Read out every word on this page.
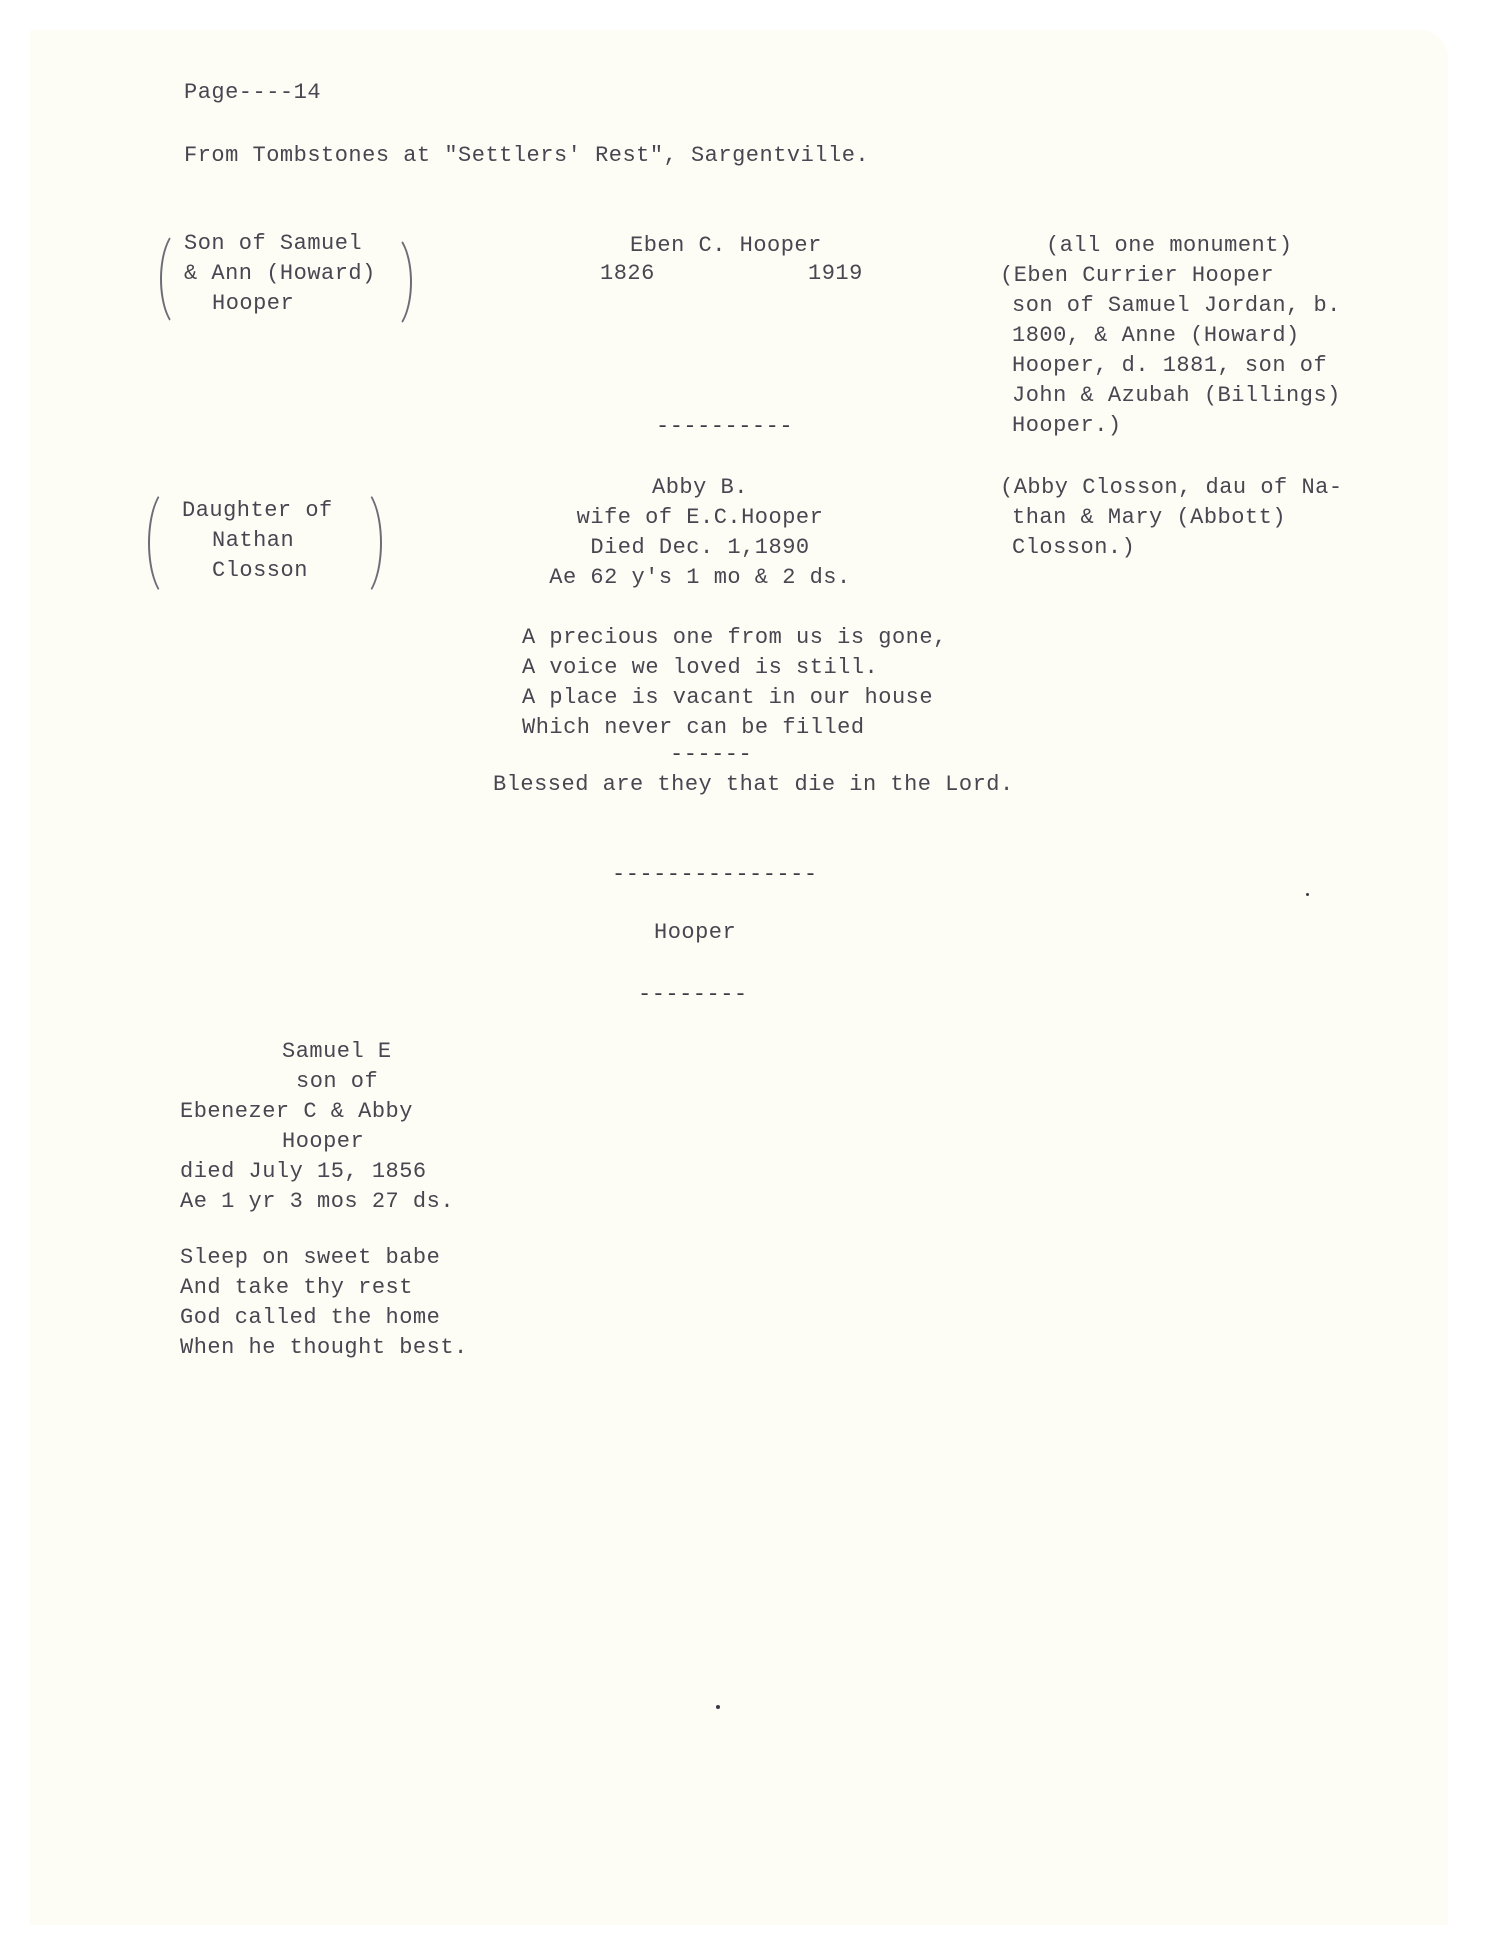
Page----14
From Tombstones at "Settlers' Rest", Sargentville.
Son of Samuel
& Ann (Howard)
Hooper
Eben C. Hooper
1826	1919
(all one monument)
(Eben Currier Hooper
son of Samuel Jordan, b.
1800, & Anne (Howard)
Hooper, d. 1881, son of
John & Azubah (Billings)
Hooper.)
----------
Daughter of
Nathan
Closson
Abby B.
wife of E.C.Hooper
Died Dec. 1,1890
Ae 62 y's 1 mo & 2 ds.
(Abby Closson, dau of Na-
than & Mary (Abbott)
Closson.)
A precious one from us is gone,
A voice we loved is still.
A place is vacant in our house
Which never can be filled
------
Blessed are they that die in the Lord.
---------------
Hooper
--------
Samuel E
son of
Ebenezer C & Abby
Hooper
died July 15, 1856
Ae 1 yr 3 mos 27 ds.
Sleep on sweet babe
And take thy rest
God called the home
When he thought best.
